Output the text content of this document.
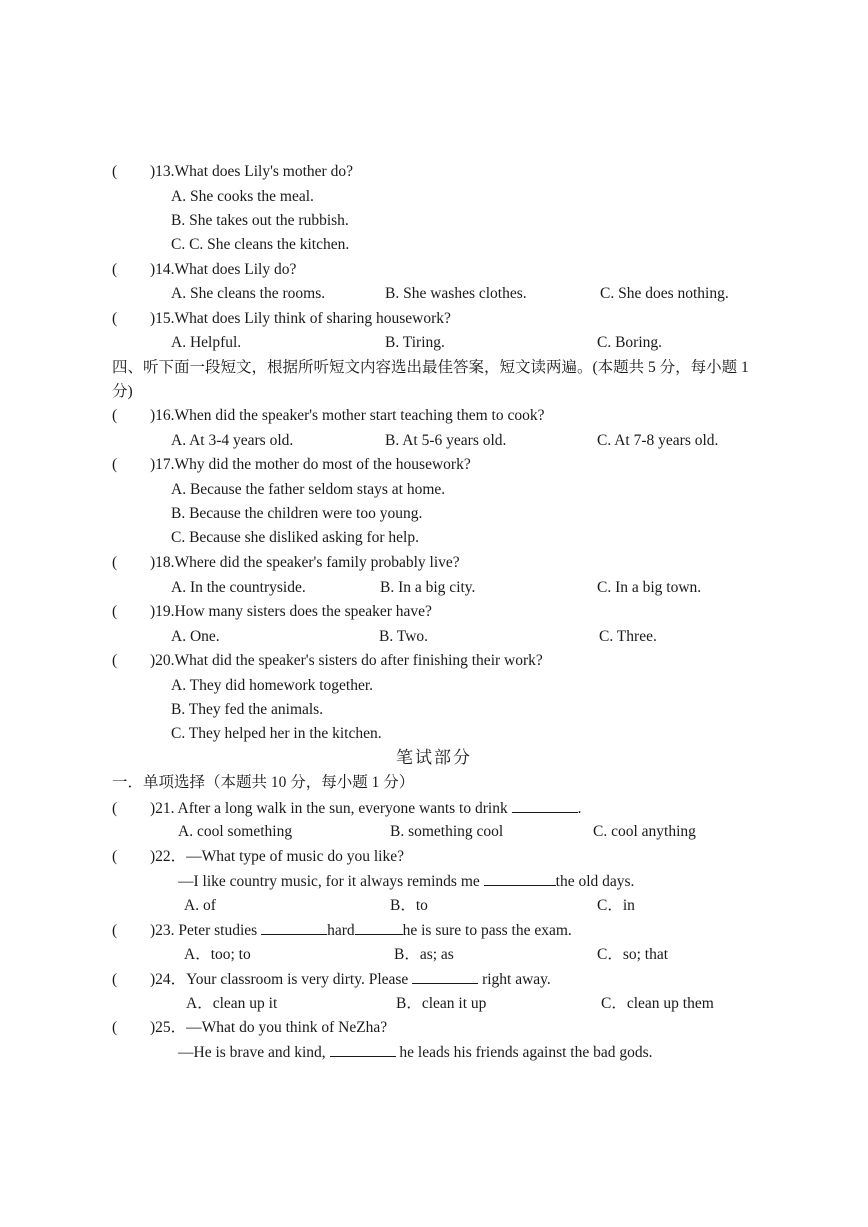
( )13.What does Lily's mother do?
A. She cooks the meal.
B. She takes out the rubbish.
C. C. She cleans the kitchen.
( )14.What does Lily do?
A. She cleans the rooms.	B. She washes clothes.	C. She does nothing.
( )15.What does Lily think of sharing housework?
A. Helpful.	B. Tiring.	C. Boring.
四、听下面一段短文，根据所听短文内容选出最佳答案，短文读两遍。(本题共 5 分，每小题 1 分)
( )16.When did the speaker's mother start teaching them to cook?
A. At 3-4 years old.	B. At 5-6 years old.	C. At 7-8 years old.
( )17.Why did the mother do most of the housework?
A. Because the father seldom stays at home.
B. Because the children were too young.
C. Because she disliked asking for help.
( )18.Where did the speaker's family probably live?
A. In the countryside.	B. In a big city.	C. In a big town.
( )19.How many sisters does the speaker have?
A. One.	B. Two.	C. Three.
( )20.What did the speaker's sisters do after finishing their work?
A. They did homework together.
B. They fed the animals.
C. They helped her in the kitchen.
笔试部分
一．单项选择（本题共 10 分，每小题 1 分）
( )21. After a long walk in the sun, everyone wants to drink	.
A. cool something	B. something cool	C. cool anything
( )22．—What type of music do you like?
—I like country music, for it always reminds me	the old days.
A. of	B．to	C．in
( )23. Peter studies	hard	he is sure to pass the exam.
A．too; to	B．as; as	C．so; that
( )24．Your classroom is very dirty. Please	right away.
A．clean up it	B．clean it up	C．clean up them
( )25．—What do you think of NeZha?
—He is brave and kind,	he leads his friends against the bad gods.
